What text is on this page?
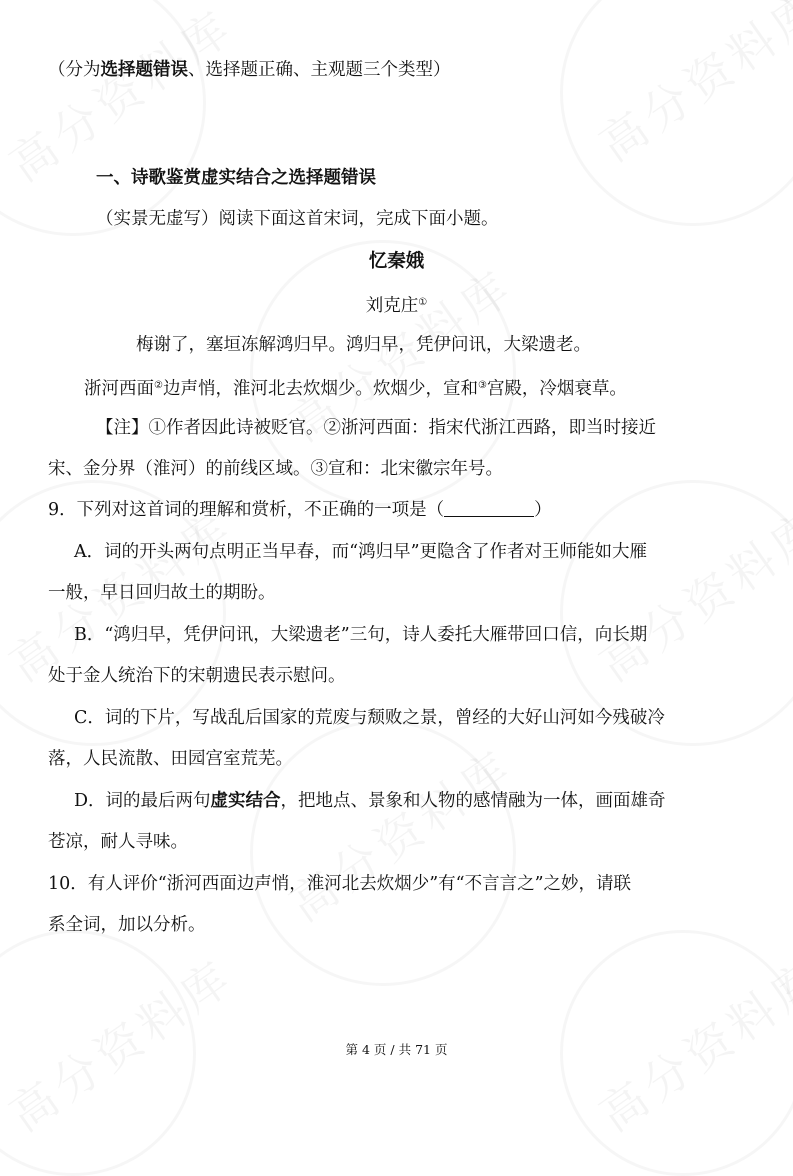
（分为选择题错误、选择题正确、主观题三个类型）
一、诗歌鉴赏虚实结合之选择题错误
（实景无虚写）阅读下面这首宋词，完成下面小题。
忆秦娥
刘克庄①
梅谢了，塞垣冻解鸿归早。鸿归早，凭伊问讯，大梁遗老。
浙河西面②边声悄，淮河北去炊烟少。炊烟少，宣和③宫殿，冷烟衰草。
【注】①作者因此诗被贬官。②浙河西面：指宋代浙江西路，即当时接近
宋、金分界（淮河）的前线区域。③宣和：北宋徽宗年号。
9．下列对这首词的理解和赏析，不正确的一项是（	）
A．词的开头两句点明正当早春，而“鸿归早”更隐含了作者对王师能如大雁
一般，早日回归故土的期盼。
B．“鸿归早，凭伊问讯，大梁遗老”三句，诗人委托大雁带回口信，向长期
处于金人统治下的宋朝遗民表示慰问。
C．词的下片，写战乱后国家的荒废与颓败之景，曾经的大好山河如今残破冷
落，人民流散、田园宫室荒芜。
D．词的最后两句虚实结合，把地点、景象和人物的感情融为一体，画面雄奇
苍凉，耐人寻味。
10．有人评价“浙河西面边声悄，淮河北去炊烟少”有“不言言之”之妙，请联
系全词，加以分析。
第 4 页 / 共 71 页
